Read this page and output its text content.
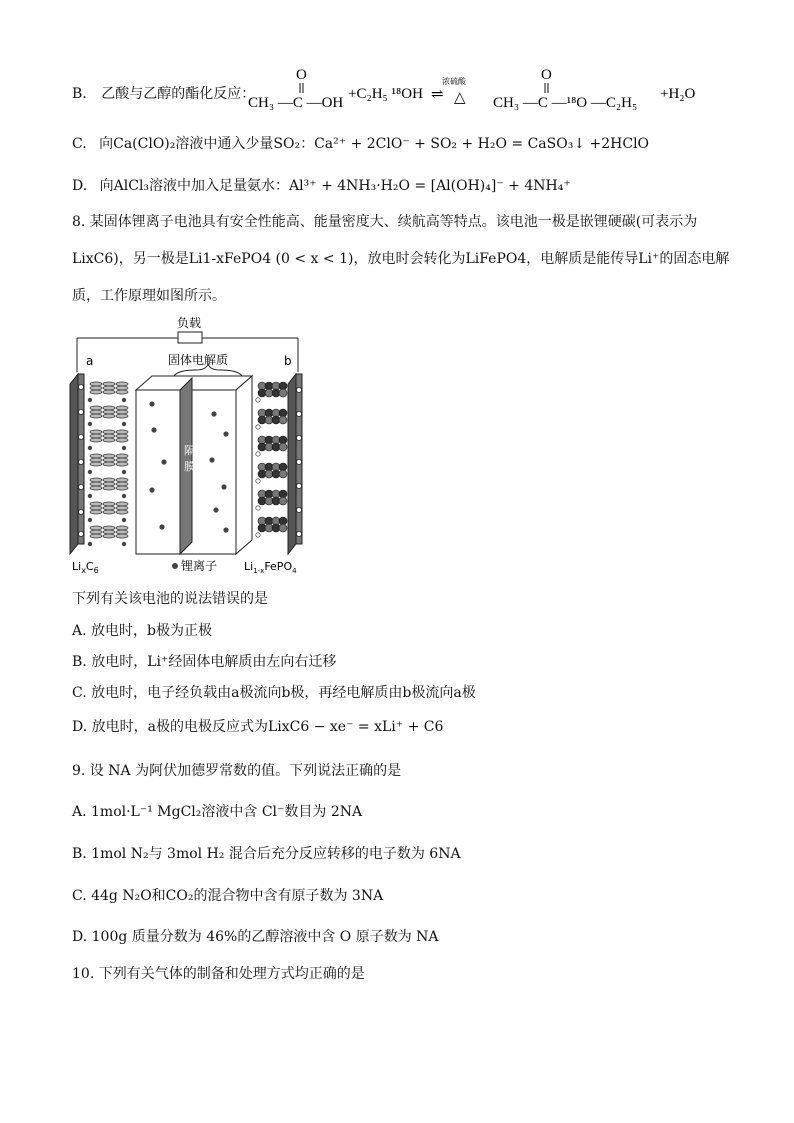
B. 乙酸与乙醇的酯化反应：
O
CH₃ —C —OH
+C₂H₅ ¹⁸OH ⇌
浓硫酸
△
O
CH₃ —C —¹⁸O —C₂H₅
+H₂O
C. 向Ca(ClO)₂溶液中通入少量SO₂：Ca²⁺ + 2ClO⁻ + SO₂ + H₂O = CaSO₃↓ +2HClO
D. 向AlCl₃溶液中加入足量氨水：Al³⁺ + 4NH₃·H₂O = [Al(OH)₄]⁻ + 4NH₄⁺
8. 某固体锂离子电池具有安全性能高、能量密度大、续航高等特点。该电池一极是嵌锂硬碳(可表示为
LixC6)，另一极是Li1-xFePO4 (0 < x < 1)，放电时会转化为LiFePO4，电解质是能传导Li⁺的固态电解
质，工作原理如图所示。
负载
a	b
固体电解质
隔
膜
隔膜
$Li_xC_6$	锂离子 $Li_{1-x}FePO_4$
下列有关该电池的说法错误的是
A. 放电时，b极为正极
B. 放电时，Li⁺经固体电解质由左向右迁移
C. 放电时，电子经负载由a极流向b极，再经电解质由b极流向a极
D. 放电时，a极的电极反应式为LixC6 − xe⁻ = xLi⁺ + C6
9. 设 NA 为阿伏加德罗常数的值。下列说法正确的是
A. 1mol·L⁻¹ MgCl₂溶液中含 Cl⁻数目为 2NA
B. 1mol N₂与 3mol H₂ 混合后充分反应转移的电子数为 6NA
C. 44g N₂O和CO₂的混合物中含有原子数为 3NA
D. 100g 质量分数为 46%的乙醇溶液中含 O 原子数为 NA
10. 下列有关气体的制备和处理方式均正确的是
